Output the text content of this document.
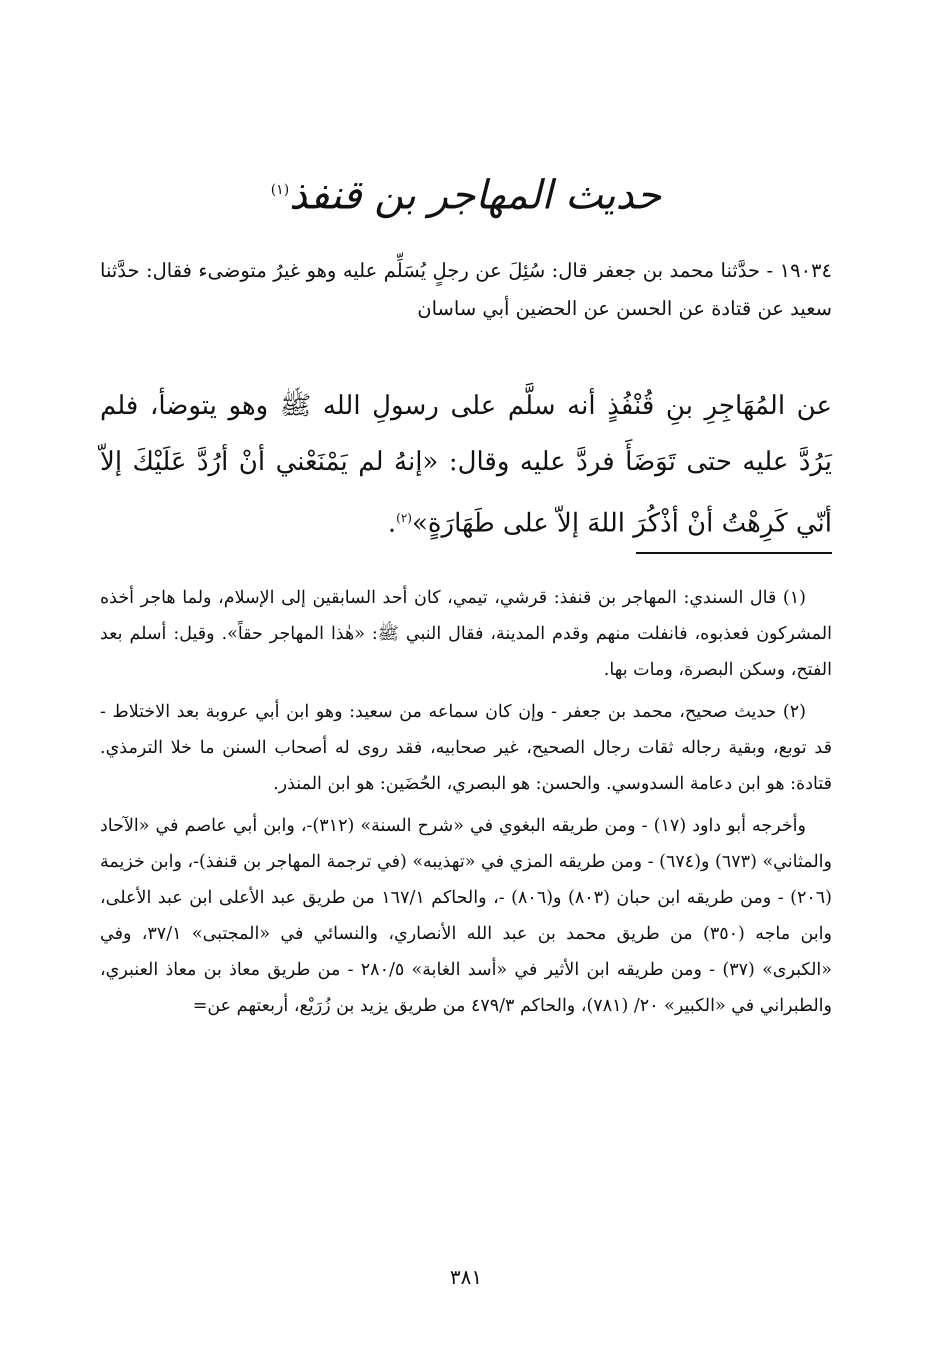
حديث المهاجر بن قنفذ$^{(١)}$
١٩٠٣٤ - حدَّثنا محمد بن جعفر قال: سُئِلَ عن رجلٍ يُسَلِّم عليه وهو غيرُ متوضىء فقال: حدَّثنا سعيد عن قتادة عن الحسن عن الحضين أبي ساسان
عن المُهَاجِرِ بنِ قُنْفُذٍ أنه سلَّم على رسولِ الله ﷺ وهو يتوضأ، فلم يَرُدَّ عليه حتى تَوَضَأَ فردَّ عليه وقال: «إنهُ لم يَمْنَعْني أنْ أرُدَّ عَلَيْكَ إلاّ أنّي كَرِهْتُ أنْ أذْكُرَ اللهَ إلاّ على طَهَارَةٍ»$^{(٢)}$.

(١) قال السندي: المهاجر بن قنفذ: قرشي، تيمي، كان أحد السابقين إلى الإسلام، ولما هاجر أخذه المشركون فعذبوه، فانفلت منهم وقدم المدينة، فقال النبي ﷺ: «هٰذا المهاجر حقاً». وقيل: أسلم بعد الفتح، وسكن البصرة، ومات بها.

(٢) حديث صحيح، محمد بن جعفر - وإن كان سماعه من سعيد: وهو ابن أبي عروبة بعد الاختلاط - قد توبع، وبقية رجاله ثقات رجال الصحيح، غير صحابيه، فقد روى له أصحاب السنن ما خلا الترمذي. قتادة: هو ابن دعامة السدوسي. والحسن: هو البصري، الحُضَين: هو ابن المنذر.

وأخرجه أبو داود (١٧) - ومن طريقه البغوي في «شرح السنة» (٣١٢)-، وابن أبي عاصم في «الآحاد والمثاني» (٦٧٣) و(٦٧٤) - ومن طريقه المزي في «تهذيبه» (في ترجمة المهاجر بن قنفذ)-، وابن خزيمة (٢٠٦) - ومن طريقه ابن حبان (٨٠٣) و(٨٠٦) -، والحاكم ١٦٧/١ من طريق عبد الأعلى ابن عبد الأعلى، وابن ماجه (٣٥٠) من طريق محمد بن عبد الله الأنصاري، والنسائي في «المجتبى» ٣٧/١، وفي «الكبرى» (٣٧) - ومن طريقه ابن الأثير في «أسد الغابة» ٢٨٠/٥ - من طريق معاذ بن معاذ العنبري، والطبراني في «الكبير» ٢٠/ (٧٨١)، والحاكم ٤٧٩/٣ من طريق يزيد بن زُرَيْع، أربعتهم عن=

٣٨١
